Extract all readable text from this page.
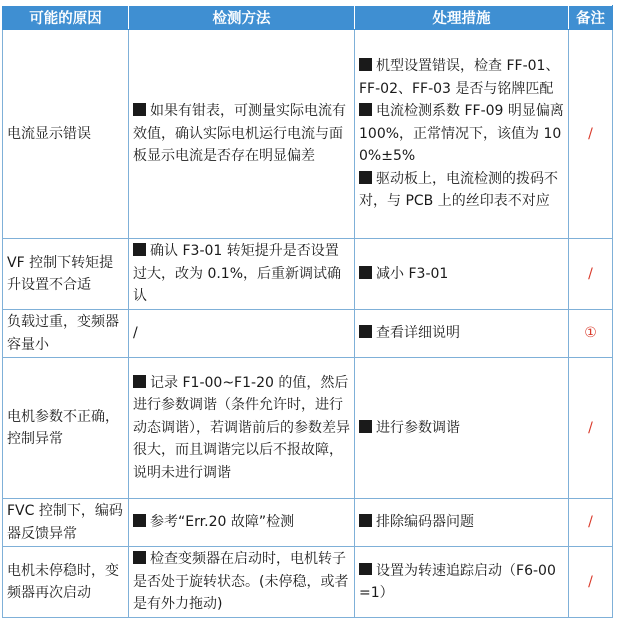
可能的原因	检测方法	处理措施	备注
电流显示错误	如果有钳表，可测量实际电流有效值，确认实际电机运行电流与面板显示电流是否存在明显偏差	机型设置错误，检查 FF-01、FF-02、FF-03 是否与铭牌匹配
电流检测系数 FF-09 明显偏离 100%，正常情况下，该值为 100%±5%
驱动板上，电流检测的拨码不对，与 PCB 上的丝印表不对应	/
VF 控制下转矩提升设置不合适	确认 F3-01 转矩提升是否设置过大，改为 0.1%，后重新调试确认	减小 F3-01	/
负载过重，变频器容量小	/	查看详细说明	①
电机参数不正确，控制异常	记录 F1-00~F1-20 的值，然后进行参数调谐（条件允许时，进行动态调谐），若调谐前后的参数差异很大，而且调谐完以后不报故障，说明未进行调谐	进行参数调谐	/
FVC 控制下，编码器反馈异常	参考“Err.20 故障”检测	排除编码器问题	/
电机未停稳时，变频器再次启动	检查变频器在启动时，电机转子是否处于旋转状态。(未停稳，或者是有外力拖动)	设置为转速追踪启动（F6-00=1）	/
